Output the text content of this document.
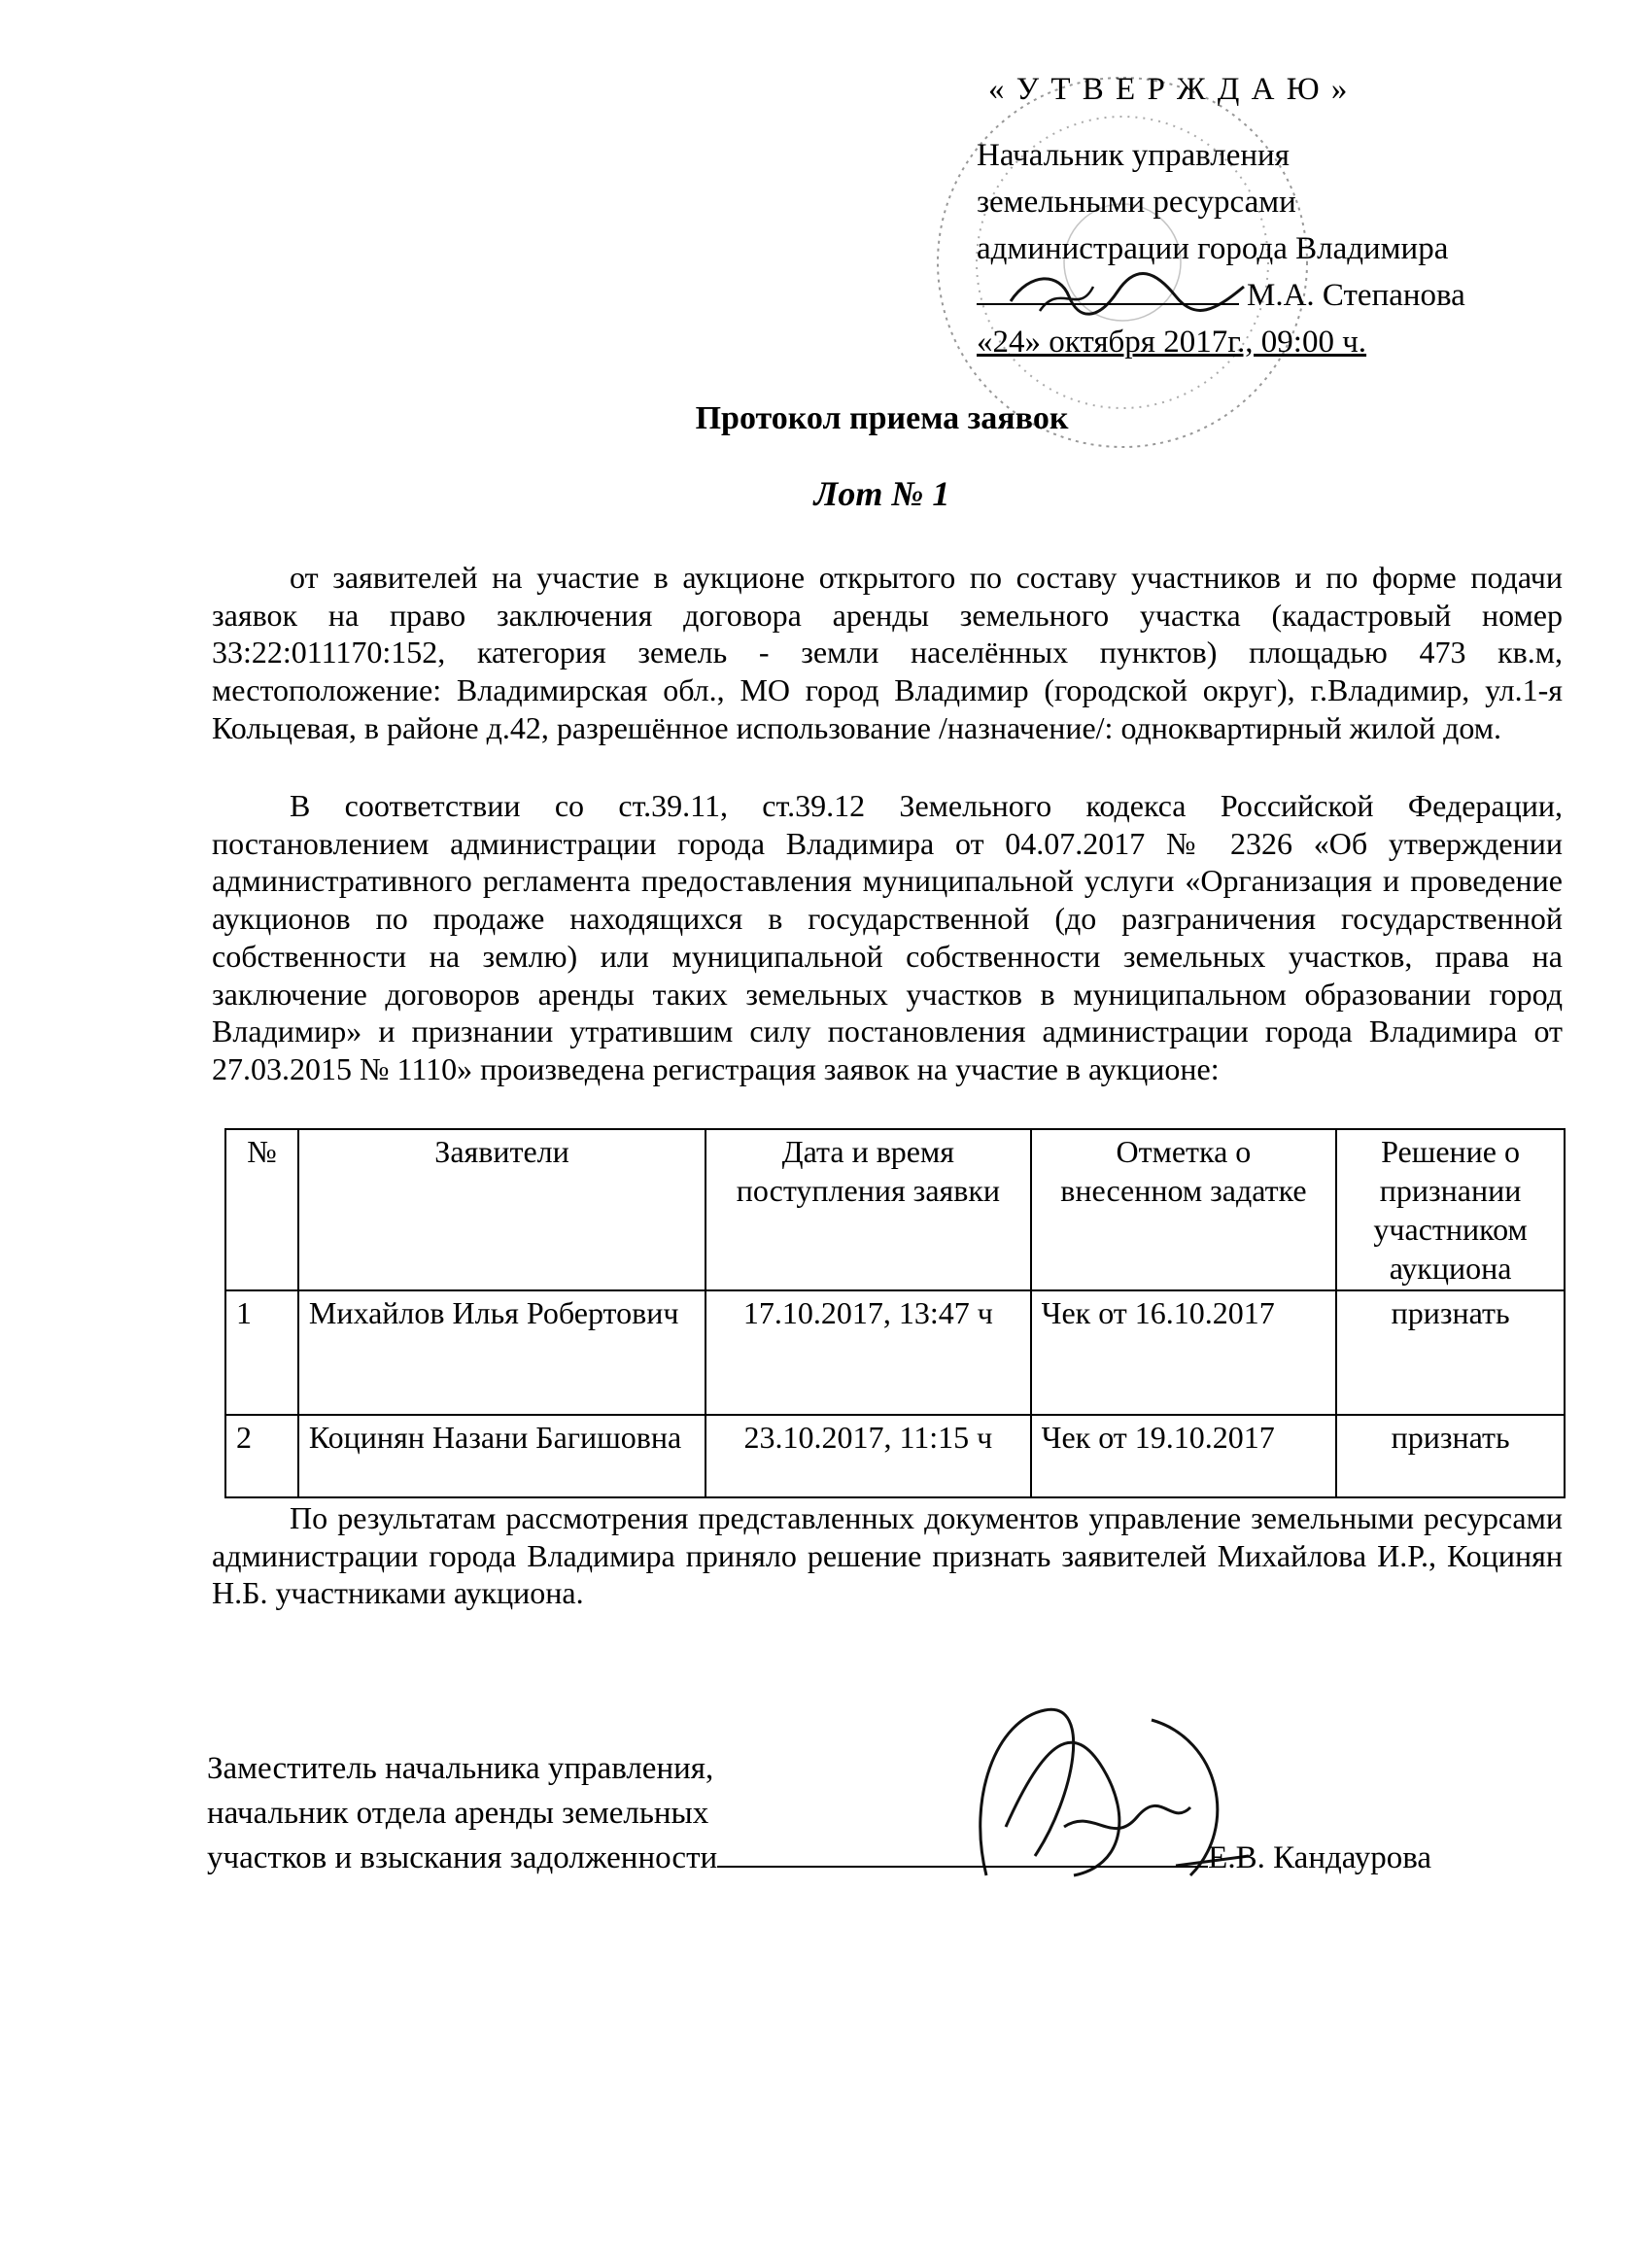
« У Т В Е Р Ж Д А Ю »
Начальник управления
земельными ресурсами
администрации города Владимира
М.А. Степанова
«24» октября 2017г., 09:00 ч.
Протокол приема заявок
Лот № 1
от заявителей на участие в аукционе открытого по составу участников и по форме подачи заявок на право заключения договора аренды земельного участка (кадастровый номер 33:22:011170:152, категория земель - земли населённых пунктов) площадью 473 кв.м, местоположение: Владимирская обл., МО город Владимир (городской округ), г.Владимир, ул.1-я Кольцевая, в районе д.42, разрешённое использование /назначение/: одноквартирный жилой дом.
В соответствии со ст.39.11, ст.39.12 Земельного кодекса Российской Федерации, постановлением администрации города Владимира от 04.07.2017 № 2326 «Об утверждении административного регламента предоставления муниципальной услуги «Организация и проведение аукционов по продаже находящихся в государственной (до разграничения государственной собственности на землю) или муниципальной собственности земельных участков, права на заключение договоров аренды таких земельных участков в муниципальном образовании город Владимир» и признании утратившим силу постановления администрации города Владимира от 27.03.2015 № 1110» произведена регистрация заявок на участие в аукционе:
№	Заявители	Дата и время поступления заявки	Отметка о внесенном задатке	Решение о признании участником аукциона
1	Михайлов Илья Робертович	17.10.2017, 13:47 ч	Чек от 16.10.2017	признать
2	Коцинян Назани Багишовна	23.10.2017, 11:15 ч	Чек от 19.10.2017	признать
По результатам рассмотрения представленных документов управление земельными ресурсами администрации города Владимира приняло решение признать заявителей Михайлова И.Р., Коцинян Н.Б. участниками аукциона.
Заместитель начальника управления,
начальник отдела аренды земельных
участков и взыскания задолженности	Е.В. Кандаурова
